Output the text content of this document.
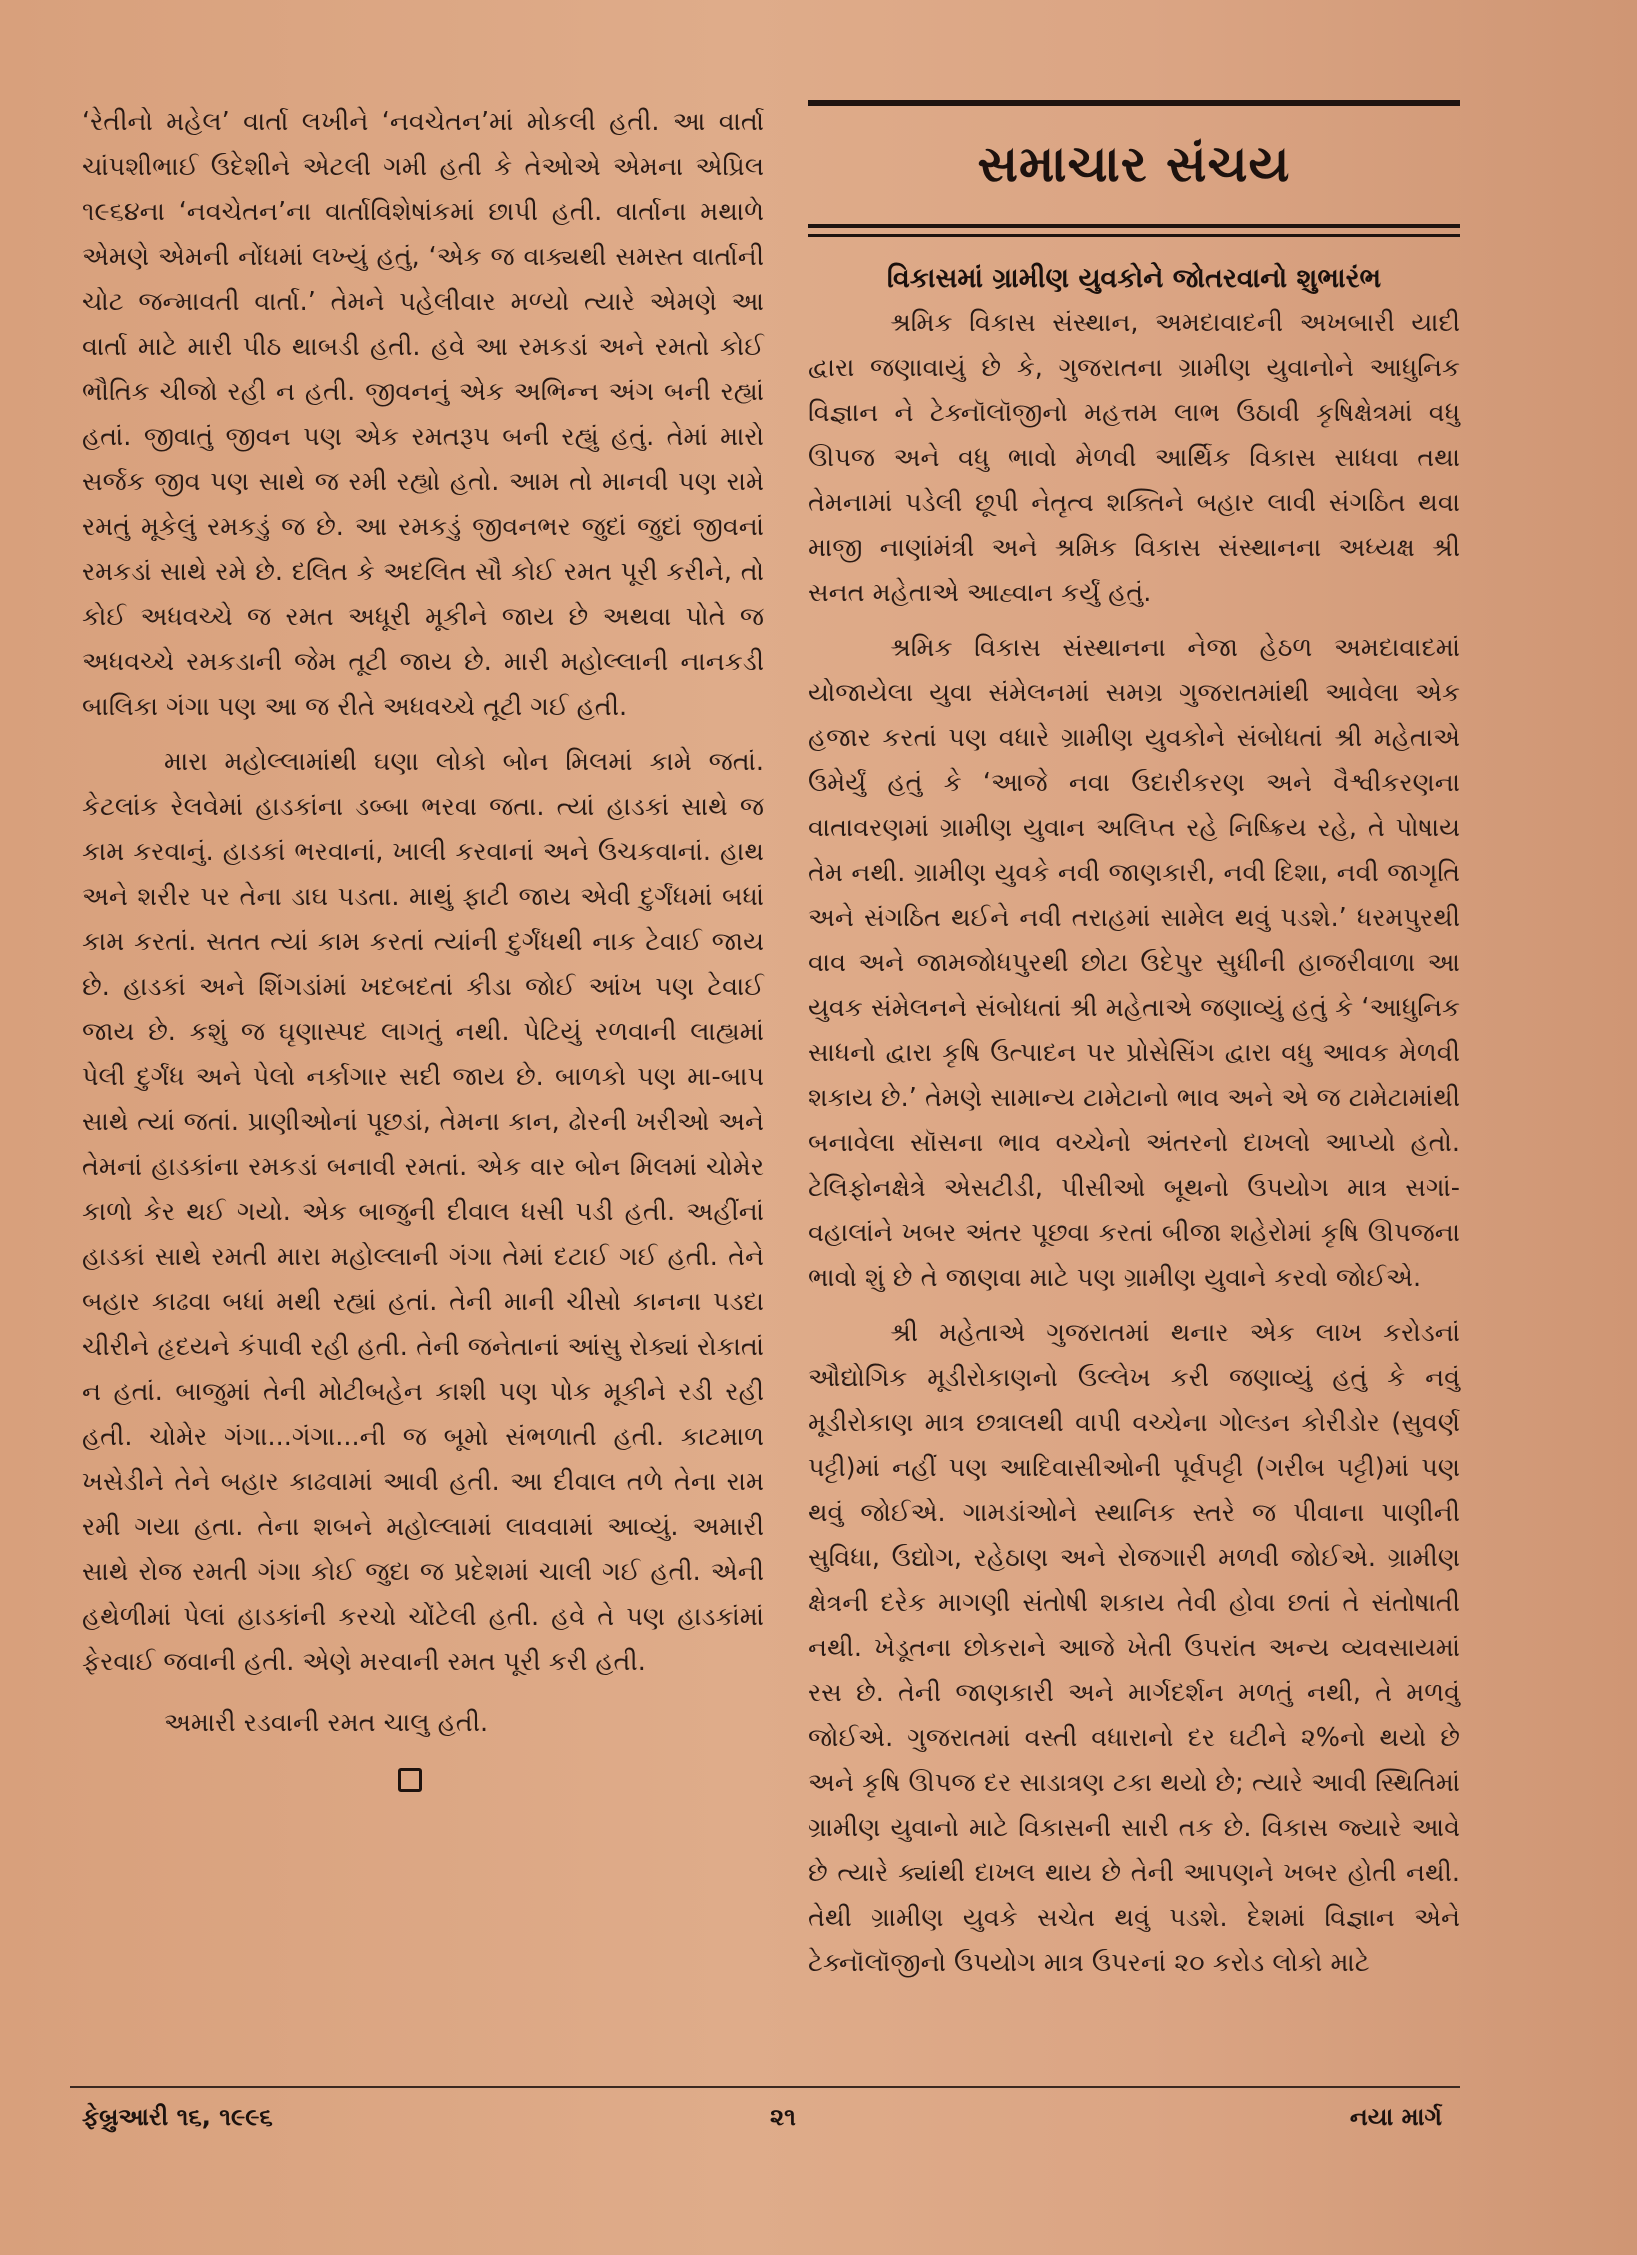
‘રેતીનો મહેલ’ વાર્તા લખીને ‘નવચેતન’માં મોકલી હતી. આ વાર્તા ચાંપશીભાઈ ઉદેશીને એટલી ગમી હતી કે તેઓએ એમના એપ્રિલ ૧૯૬૪ના ‘નવચેતન’ના વાર્તાવિશેષાંકમાં છાપી હતી. વાર્તાના મથાળે એમણે એમની નોંધમાં લખ્યું હતું, ‘એક જ વાક્યથી સમસ્ત વાર્તાની ચોટ જન્માવતી વાર્તા.’ તેમને પહેલીવાર મળ્યો ત્યારે એમણે આ વાર્તા માટે મારી પીઠ થાબડી હતી. હવે આ રમકડાં અને રમતો કોઈ ભૌતિક ચીજો રહી ન હતી. જીવનનું એક અભિન્ન અંગ બની રહ્યાં હતાં. જીવાતું જીવન પણ એક રમતરૂપ બની રહ્યું હતું. તેમાં મારો સર્જક જીવ પણ સાથે જ રમી રહ્યો હતો. આમ તો માનવી પણ રામે રમતું મૂકેલું રમકડું જ છે. આ રમકડું જીવનભર જુદાં જુદાં જીવનાં રમકડાં સાથે રમે છે. દલિત કે અદલિત સૌ કોઈ રમત પૂરી કરીને, તો કોઈ અધવચ્ચે જ રમત અધૂરી મૂકીને જાય છે અથવા પોતે જ અધવચ્ચે રમકડાની જેમ તૂટી જાય છે. મારી મહોલ્લાની નાનકડી બાલિકા ગંગા પણ આ જ રીતે અધવચ્ચે તૂટી ગઈ હતી.

મારા મહોલ્લામાંથી ઘણા લોકો બોન મિલમાં કામે જતાં. કેટલાંક રેલવેમાં હાડકાંના ડબ્બા ભરવા જતા. ત્યાં હાડકાં સાથે જ કામ કરવાનું. હાડકાં ભરવાનાં, ખાલી કરવાનાં અને ઉચકવાનાં. હાથ અને શરીર પર તેના ડાઘ પડતા. માથું ફાટી જાય એવી દુર્ગંધમાં બધાં કામ કરતાં. સતત ત્યાં કામ કરતાં ત્યાંની દુર્ગંધથી નાક ટેવાઈ જાય છે. હાડકાં અને શિંગડાંમાં ખદબદતાં કીડા જોઈ આંખ પણ ટેવાઈ જાય છે. કશું જ ઘૃણાસ્પદ લાગતું નથી. પેટિયું રળવાની લાહ્યમાં પેલી દુર્ગંધ અને પેલો નર્કાગાર સદી જાય છે. બાળકો પણ મા-બાપ સાથે ત્યાં જતાં. પ્રાણીઓનાં પૂછડાં, તેમના કાન, ઢોરની ખરીઓ અને તેમનાં હાડકાંના રમકડાં બનાવી રમતાં. એક વાર બોન મિલમાં ચોમેર કાળો કેર થઈ ગયો. એક બાજુની દીવાલ ધસી પડી હતી. અહીંનાં હાડકાં સાથે રમતી મારા મહોલ્લાની ગંગા તેમાં દટાઈ ગઈ હતી. તેને બહાર કાઢવા બધાં મથી રહ્યાં હતાં. તેની માની ચીસો કાનના પડદા ચીરીને હૃદયને કંપાવી રહી હતી. તેની જનેતાનાં આંસુ રોક્યાં રોકાતાં ન હતાં. બાજુમાં તેની મોટીબહેન કાશી પણ પોક મૂકીને રડી રહી હતી. ચોમેર ગંગા...ગંગા...ની જ બૂમો સંભળાતી હતી. કાટમાળ ખસેડીને તેને બહાર કાઢવામાં આવી હતી. આ દીવાલ તળે તેના રામ રમી ગયા હતા. તેના શબને મહોલ્લામાં લાવવામાં આવ્યું. અમારી સાથે રોજ રમતી ગંગા કોઈ જુદા જ પ્રદેશમાં ચાલી ગઈ હતી. એની હથેળીમાં પેલાં હાડકાંની કરચો ચોંટેલી હતી. હવે તે પણ હાડકાંમાં ફેરવાઈ જવાની હતી. એણે મરવાની રમત પૂરી કરી હતી.

અમારી રડવાની રમત ચાલુ હતી.

સમાચાર સંચય
વિકાસમાં ગ્રામીણ યુવકોને જોતરવાનો શુભારંભ

શ્રમિક વિકાસ સંસ્થાન, અમદાવાદની અખબારી યાદી દ્વારા જણાવાયું છે કે, ગુજરાતના ગ્રામીણ યુવાનોને આધુનિક વિજ્ઞાન ને ટેક્નૉલૉજીનો મહત્તમ લાભ ઉઠાવી કૃષિક્ષેત્રમાં વધુ ઊપજ અને વધુ ભાવો મેળવી આર્થિક વિકાસ સાધવા તથા તેમનામાં પડેલી છૂપી નેતૃત્વ શક્તિને બહાર લાવી સંગઠિત થવા માજી નાણાંમંત્રી અને શ્રમિક વિકાસ સંસ્થાનના અધ્યક્ષ શ્રી સનત મહેતાએ આહ્વાન કર્યું હતું.

શ્રમિક વિકાસ સંસ્થાનના નેજા હેઠળ અમદાવાદમાં યોજાયેલા યુવા સંમેલનમાં સમગ્ર ગુજરાતમાંથી આવેલા એક હજાર કરતાં પણ વધારે ગ્રામીણ યુવકોને સંબોધતાં શ્રી મહેતાએ ઉમેર્યું હતું કે ‘આજે નવા ઉદારીકરણ અને વૈશ્વીકરણના વાતાવરણમાં ગ્રામીણ યુવાન અલિપ્ત રહે નિષ્ક્રિય રહે, તે પોષાય તેમ નથી. ગ્રામીણ યુવકે નવી જાણકારી, નવી દિશા, નવી જાગૃતિ અને સંગઠિત થઈને નવી તરાહમાં સામેલ થવું પડશે.’ ધરમપુરથી વાવ અને જામજોધપુરથી છોટા ઉદેપુર સુધીની હાજરીવાળા આ યુવક સંમેલનને સંબોધતાં શ્રી મહેતાએ જણાવ્યું હતું કે ‘આધુનિક સાધનો દ્વારા કૃષિ ઉત્પાદન પર પ્રોસેસિંગ દ્વારા વધુ આવક મેળવી શકાય છે.’ તેમણે સામાન્ય ટામેટાનો ભાવ અને એ જ ટામેટામાંથી બનાવેલા સૉસના ભાવ વચ્ચેનો અંતરનો દાખલો આપ્યો હતો. ટેલિફોનક્ષેત્રે એસટીડી, પીસીઓ બૂથનો ઉપયોગ માત્ર સગાં-વહાલાંને ખબર અંતર પૂછવા કરતાં બીજા શહેરોમાં કૃષિ ઊપજના ભાવો શું છે તે જાણવા માટે પણ ગ્રામીણ યુવાને કરવો જોઈએ.

શ્રી મહેતાએ ગુજરાતમાં થનાર એક લાખ કરોડનાં ઔદ્યોગિક મૂડીરોકાણનો ઉલ્લેખ કરી જણાવ્યું હતું કે નવું મૂડીરોકાણ માત્ર છત્રાલથી વાપી વચ્ચેના ગોલ્ડન કોરીડોર (સુવર્ણ પટ્ટી)માં નહીં પણ આદિવાસીઓની પૂર્વપટ્ટી (ગરીબ પટ્ટી)માં પણ થવું જોઈએ. ગામડાંઓને સ્થાનિક સ્તરે જ પીવાના પાણીની સુવિધા, ઉદ્યોગ, રહેઠાણ અને રોજગારી મળવી જોઈએ. ગ્રામીણ ક્ષેત્રની દરેક માગણી સંતોષી શકાય તેવી હોવા છતાં તે સંતોષાતી નથી. ખેડૂતના છોકરાને આજે ખેતી ઉપરાંત અન્ય વ્યવસાયમાં રસ છે. તેની જાણકારી અને માર્ગદર્શન મળતું નથી, તે મળવું જોઈએ. ગુજરાતમાં વસ્તી વધારાનો દર ઘટીને ૨%નો થયો છે અને કૃષિ ઊપજ દર સાડાત્રણ ટકા થયો છે; ત્યારે આવી સ્થિતિમાં ગ્રામીણ યુવાનો માટે વિકાસની સારી તક છે. વિકાસ જ્યારે આવે છે ત્યારે ક્યાંથી દાખલ થાય છે તેની આપણને ખબર હોતી નથી. તેથી ગ્રામીણ યુવકે સચેત થવું પડશે. દેશમાં વિજ્ઞાન એને ટેક્નૉલૉજીનો ઉપયોગ માત્ર ઉપરનાં ૨૦ કરોડ લોકો માટે

ફેબ્રુઆરી ૧૬, ૧૯૯૬	૨૧	નયા માર્ગ
